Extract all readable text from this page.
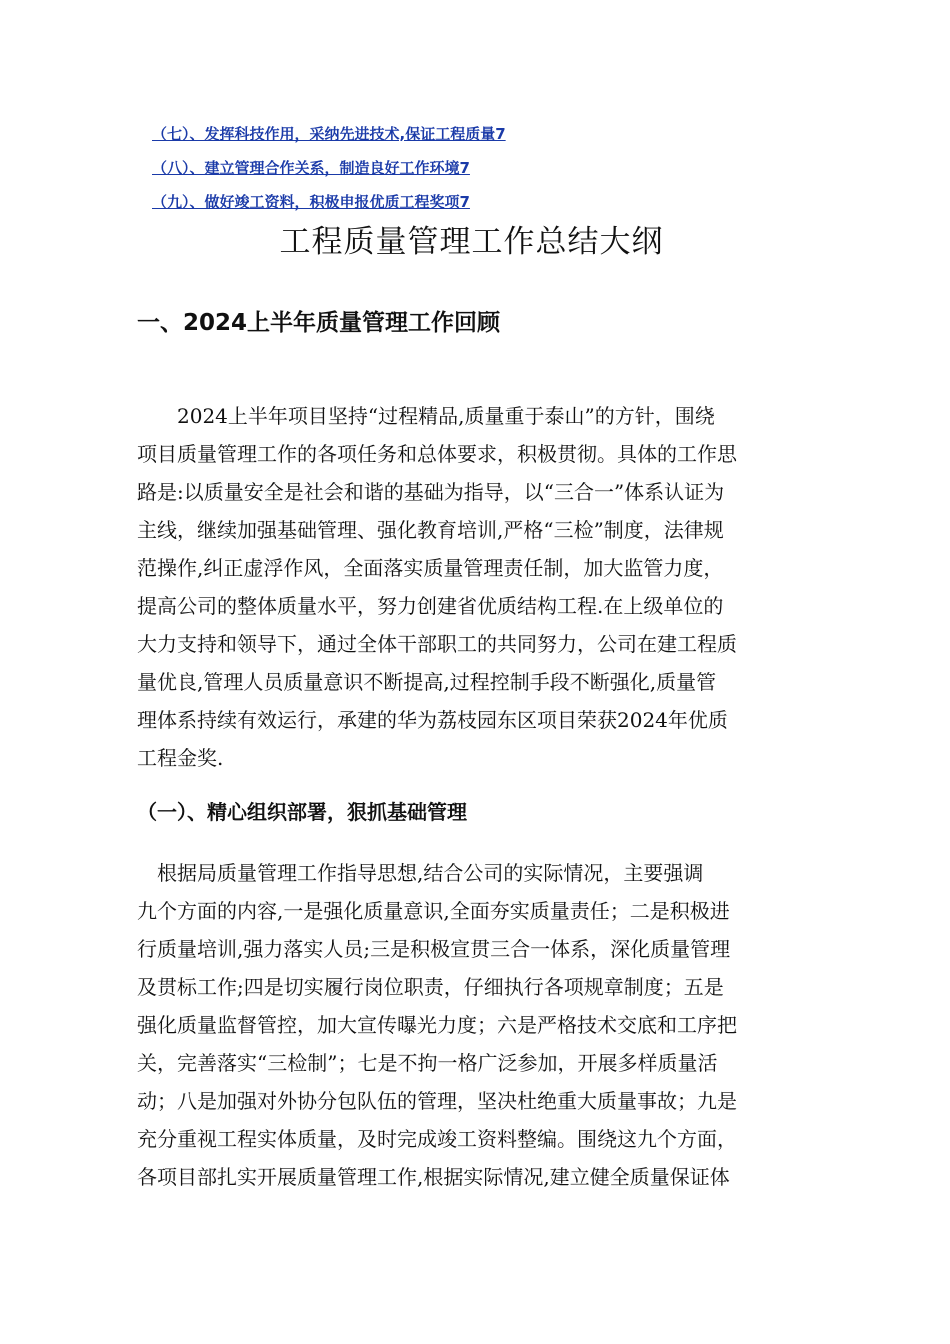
（七）、发挥科技作用，采纳先进技术,保证工程质量7
（八）、建立管理合作关系，制造良好工作环境7
（九）、做好竣工资料，积极申报优质工程奖项7
工程质量管理工作总结大纲
一、2024上半年质量管理工作回顾

　　2024上半年项目坚持“过程精品,质量重于泰山”的方针，围绕
项目质量管理工作的各项任务和总体要求，积极贯彻。具体的工作思
路是:以质量安全是社会和谐的基础为指导，以“三合一”体系认证为
主线，继续加强基础管理、强化教育培训,严格“三检”制度，法律规
范操作,纠正虚浮作风，全面落实质量管理责任制，加大监管力度，
提高公司的整体质量水平，努力创建省优质结构工程.在上级单位的
大力支持和领导下，通过全体干部职工的共同努力，公司在建工程质
量优良,管理人员质量意识不断提高,过程控制手段不断强化,质量管
理体系持续有效运行，承建的华为荔枝园东区项目荣获2024年优质
工程金奖.

（一）、精心组织部署，狠抓基础管理

　根据局质量管理工作指导思想,结合公司的实际情况，主要强调
九个方面的内容,一是强化质量意识,全面夯实质量责任；二是积极进
行质量培训,强力落实人员;三是积极宣贯三合一体系，深化质量管理
及贯标工作;四是切实履行岗位职责，仔细执行各项规章制度；五是
强化质量监督管控，加大宣传曝光力度；六是严格技术交底和工序把
关，完善落实“三检制”；七是不拘一格广泛参加，开展多样质量活
动；八是加强对外协分包队伍的管理，坚决杜绝重大质量事故；九是
充分重视工程实体质量，及时完成竣工资料整编。围绕这九个方面，
各项目部扎实开展质量管理工作,根据实际情况,建立健全质量保证体
